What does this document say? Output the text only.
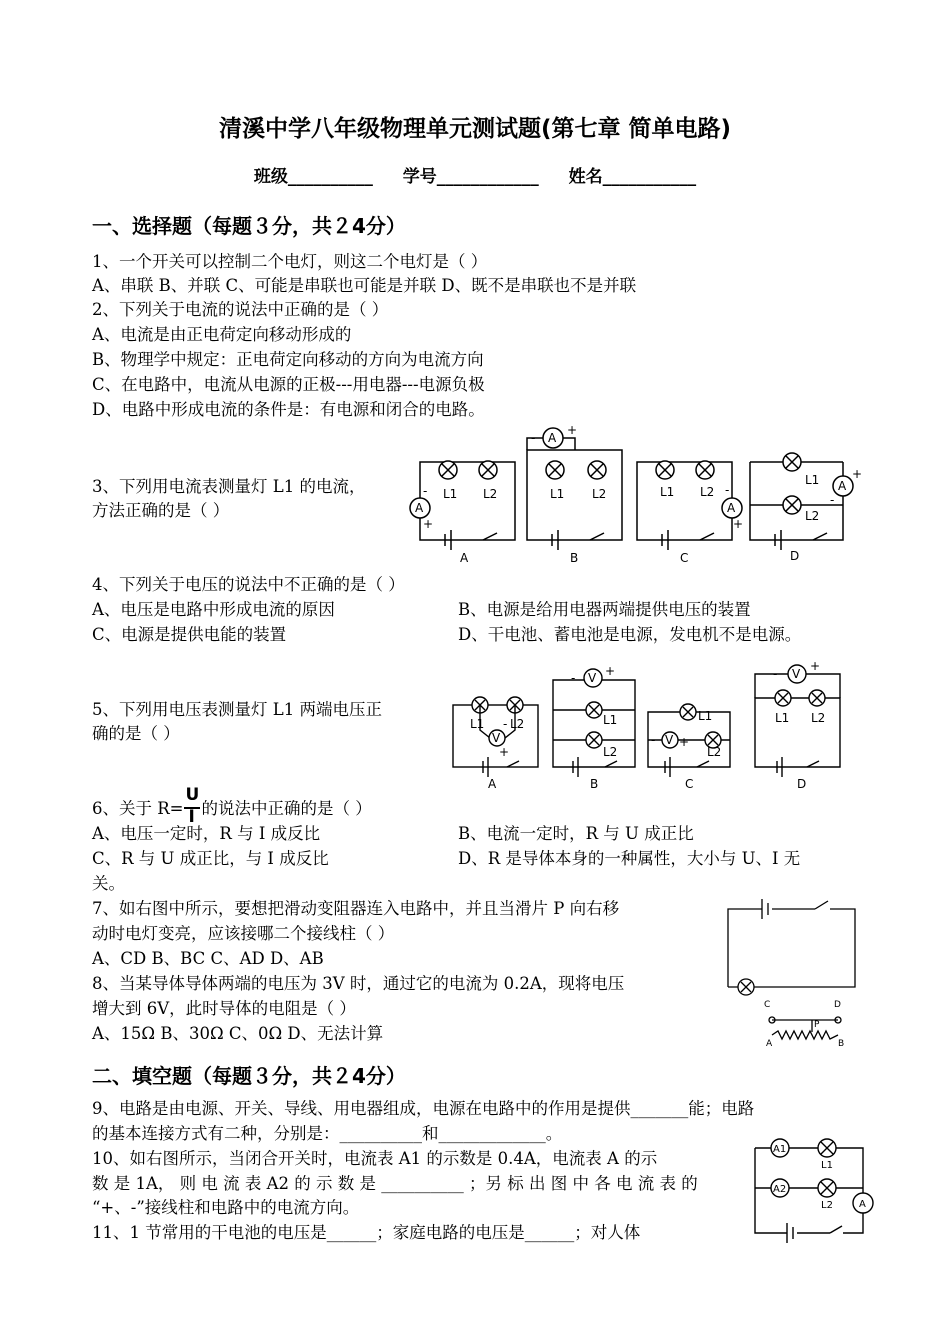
清溪中学八年级物理单元测试题(第七章 简单电路)
班级__________ 学号____________ 姓名___________
一、选择题（每题３分，共２4分）
1、一个开关可以控制二个电灯，则这二个电灯是（ ）
A、串联 B、并联 C、可能是串联也可能是并联 D、既不是串联也不是并联
2、下列关于电流的说法中正确的是（ ）
A、电流是由正电荷定向移动形成的
B、物理学中规定：正电荷定向移动的方向为电流方向
C、在电路中，电流从电源的正极---用电器---电源负极
D、电路中形成电流的条件是：有电源和闭合的电路。
3、下列用电流表测量灯 L1 的电流，
方法正确的是（ ）	A
-
+
L1 L2
A
A
-
+
L1 L2
B
A
-
+
L1 L2
C
A
+
-
L1
L2
D
4、下列关于电压的说法中不正确的是（ ）
A、电压是电路中形成电流的原因	B、电源是给用电器两端提供电压的装置
C、电源是提供电能的装置	D、干电池、蓄电池是电源，发电机不是电源。
5、下列用电压表测量灯 L1 两端电压正
确的是（ ）	V
+
L1 L2
-
A
V
- +
L1
L2
B
V
- +
L1
L2
C
V
-
+
L1 L2
D
6、关于 $R= \frac{U}{I}$ 的说法中正确的是（ ）
A、电压一定时，R 与 I 成反比	B、电流一定时，R 与 U 成正比
C、R 与 U 成正比，与 I 成反比	D、R 是导体本身的一种属性，大小与 U、I 无
关。
7、如右图中所示，要想把滑动变阻器连入电路中，并且当滑片 P 向右移
动时电灯变亮，应该接哪二个接线柱（ ）
A、CD B、BC C、AD D、AB
C	D
P
A	B
8、当某导体导体两端的电压为 3V 时，通过它的电流为 0.2A，现将电压
增大到 6V，此时导体的电阻是（ ）
A、15Ω B、30Ω C、0Ω D、无法计算
二、填空题（每题３分，共２4分）
9、电路是由电源、开关、导线、用电器组成，电源在电路中的作用是提供_______能；电路
的基本连接方式有二种，分别是：__________和_____________。
10、如右图所示，当闭合开关时，电流表 A1 的示数是 0.4A，电流表 A 的示
数 是 1A， 则 电 流 表 A2 的 示 数 是 __________ ；另 标 出 图 中 各 电 流 表 的
“+、-”接线柱和电路中的电流方向。
A1
A2
A
L1
L2
11、1 节常用的干电池的电压是______；家庭电路的电压是______；对人体
